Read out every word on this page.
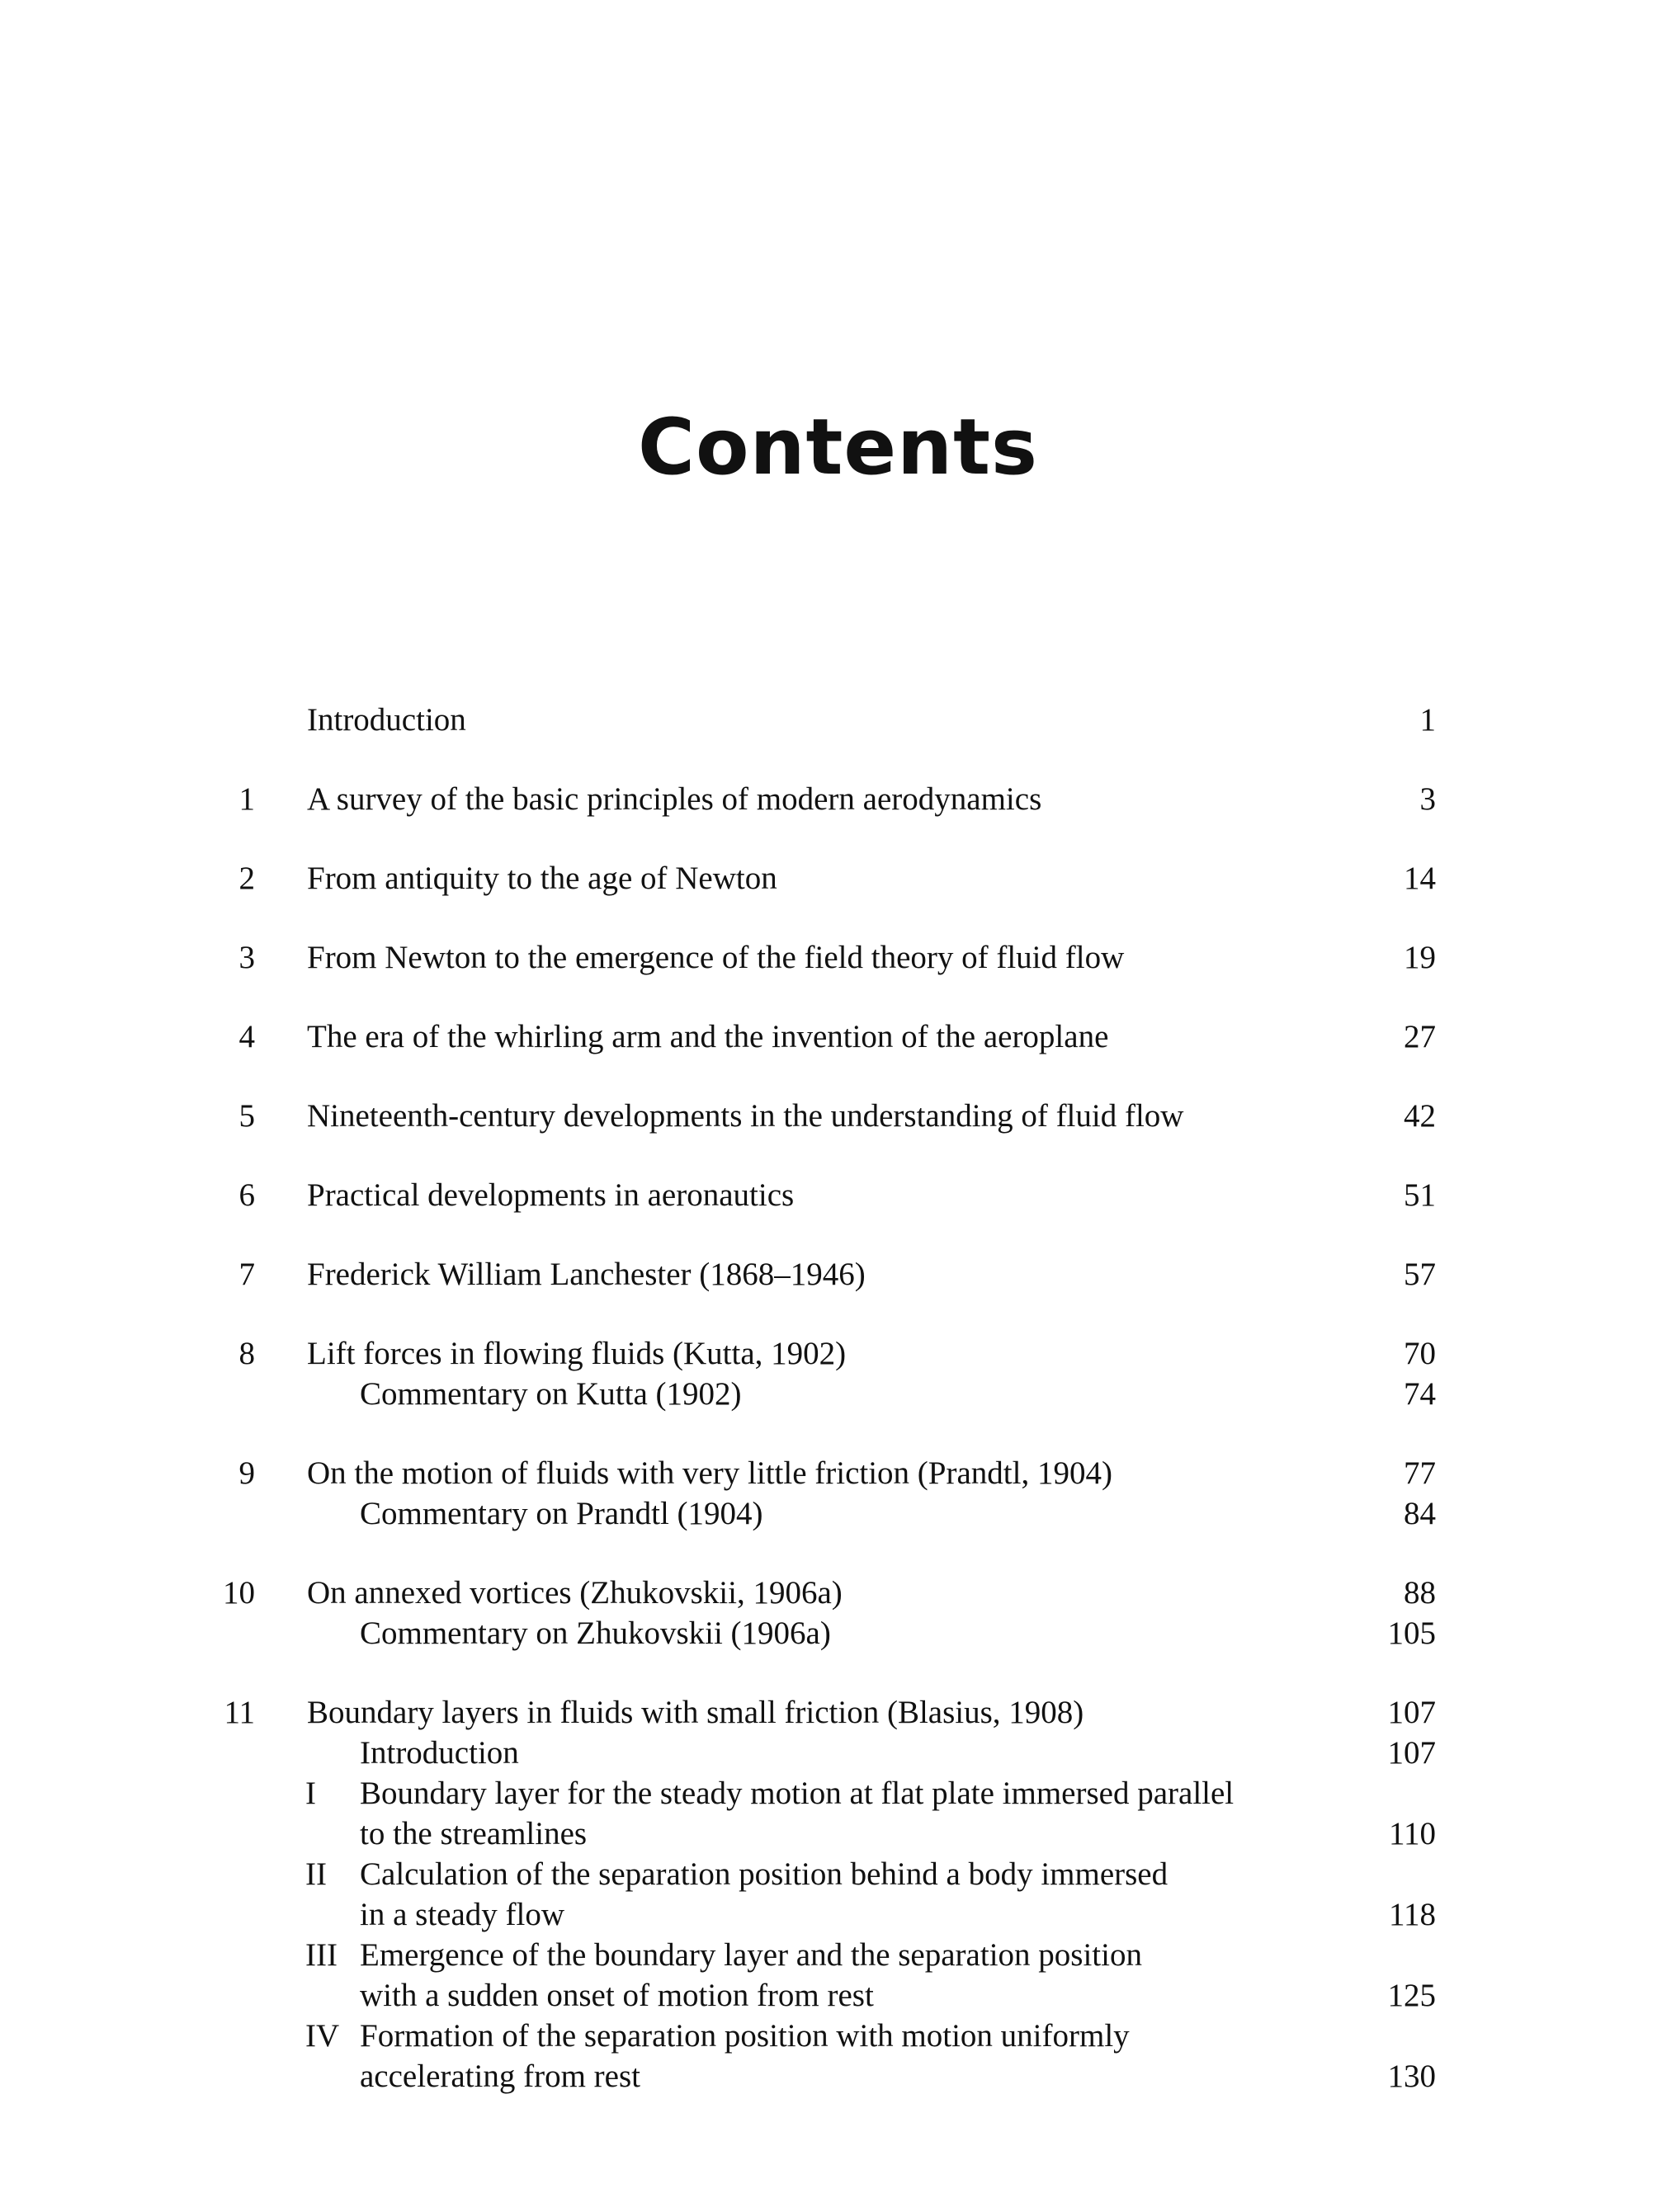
Contents
Introduction	1
1 A survey of the basic principles of modern aerodynamics	3
2 From antiquity to the age of Newton	14
3 From Newton to the emergence of the field theory of fluid flow	19
4 The era of the whirling arm and the invention of the aeroplane	27
5 Nineteenth-century developments in the understanding of fluid flow	42
6 Practical developments in aeronautics	51
7 Frederick William Lanchester (1868–1946)	57
8 Lift forces in flowing fluids (Kutta, 1902)	70
Commentary on Kutta (1902)	74
9 On the motion of fluids with very little friction (Prandtl, 1904)	77
Commentary on Prandtl (1904)	84
10 On annexed vortices (Zhukovskii, 1906a)	88
Commentary on Zhukovskii (1906a)	105
11 Boundary layers in fluids with small friction (Blasius, 1908)	107
Introduction	107
I Boundary layer for the steady motion at flat plate immersed parallel
to the streamlines	110
II Calculation of the separation position behind a body immersed
in a steady flow	118
III Emergence of the boundary layer and the separation position
with a sudden onset of motion from rest	125
IV Formation of the separation position with motion uniformly
accelerating from rest	130
